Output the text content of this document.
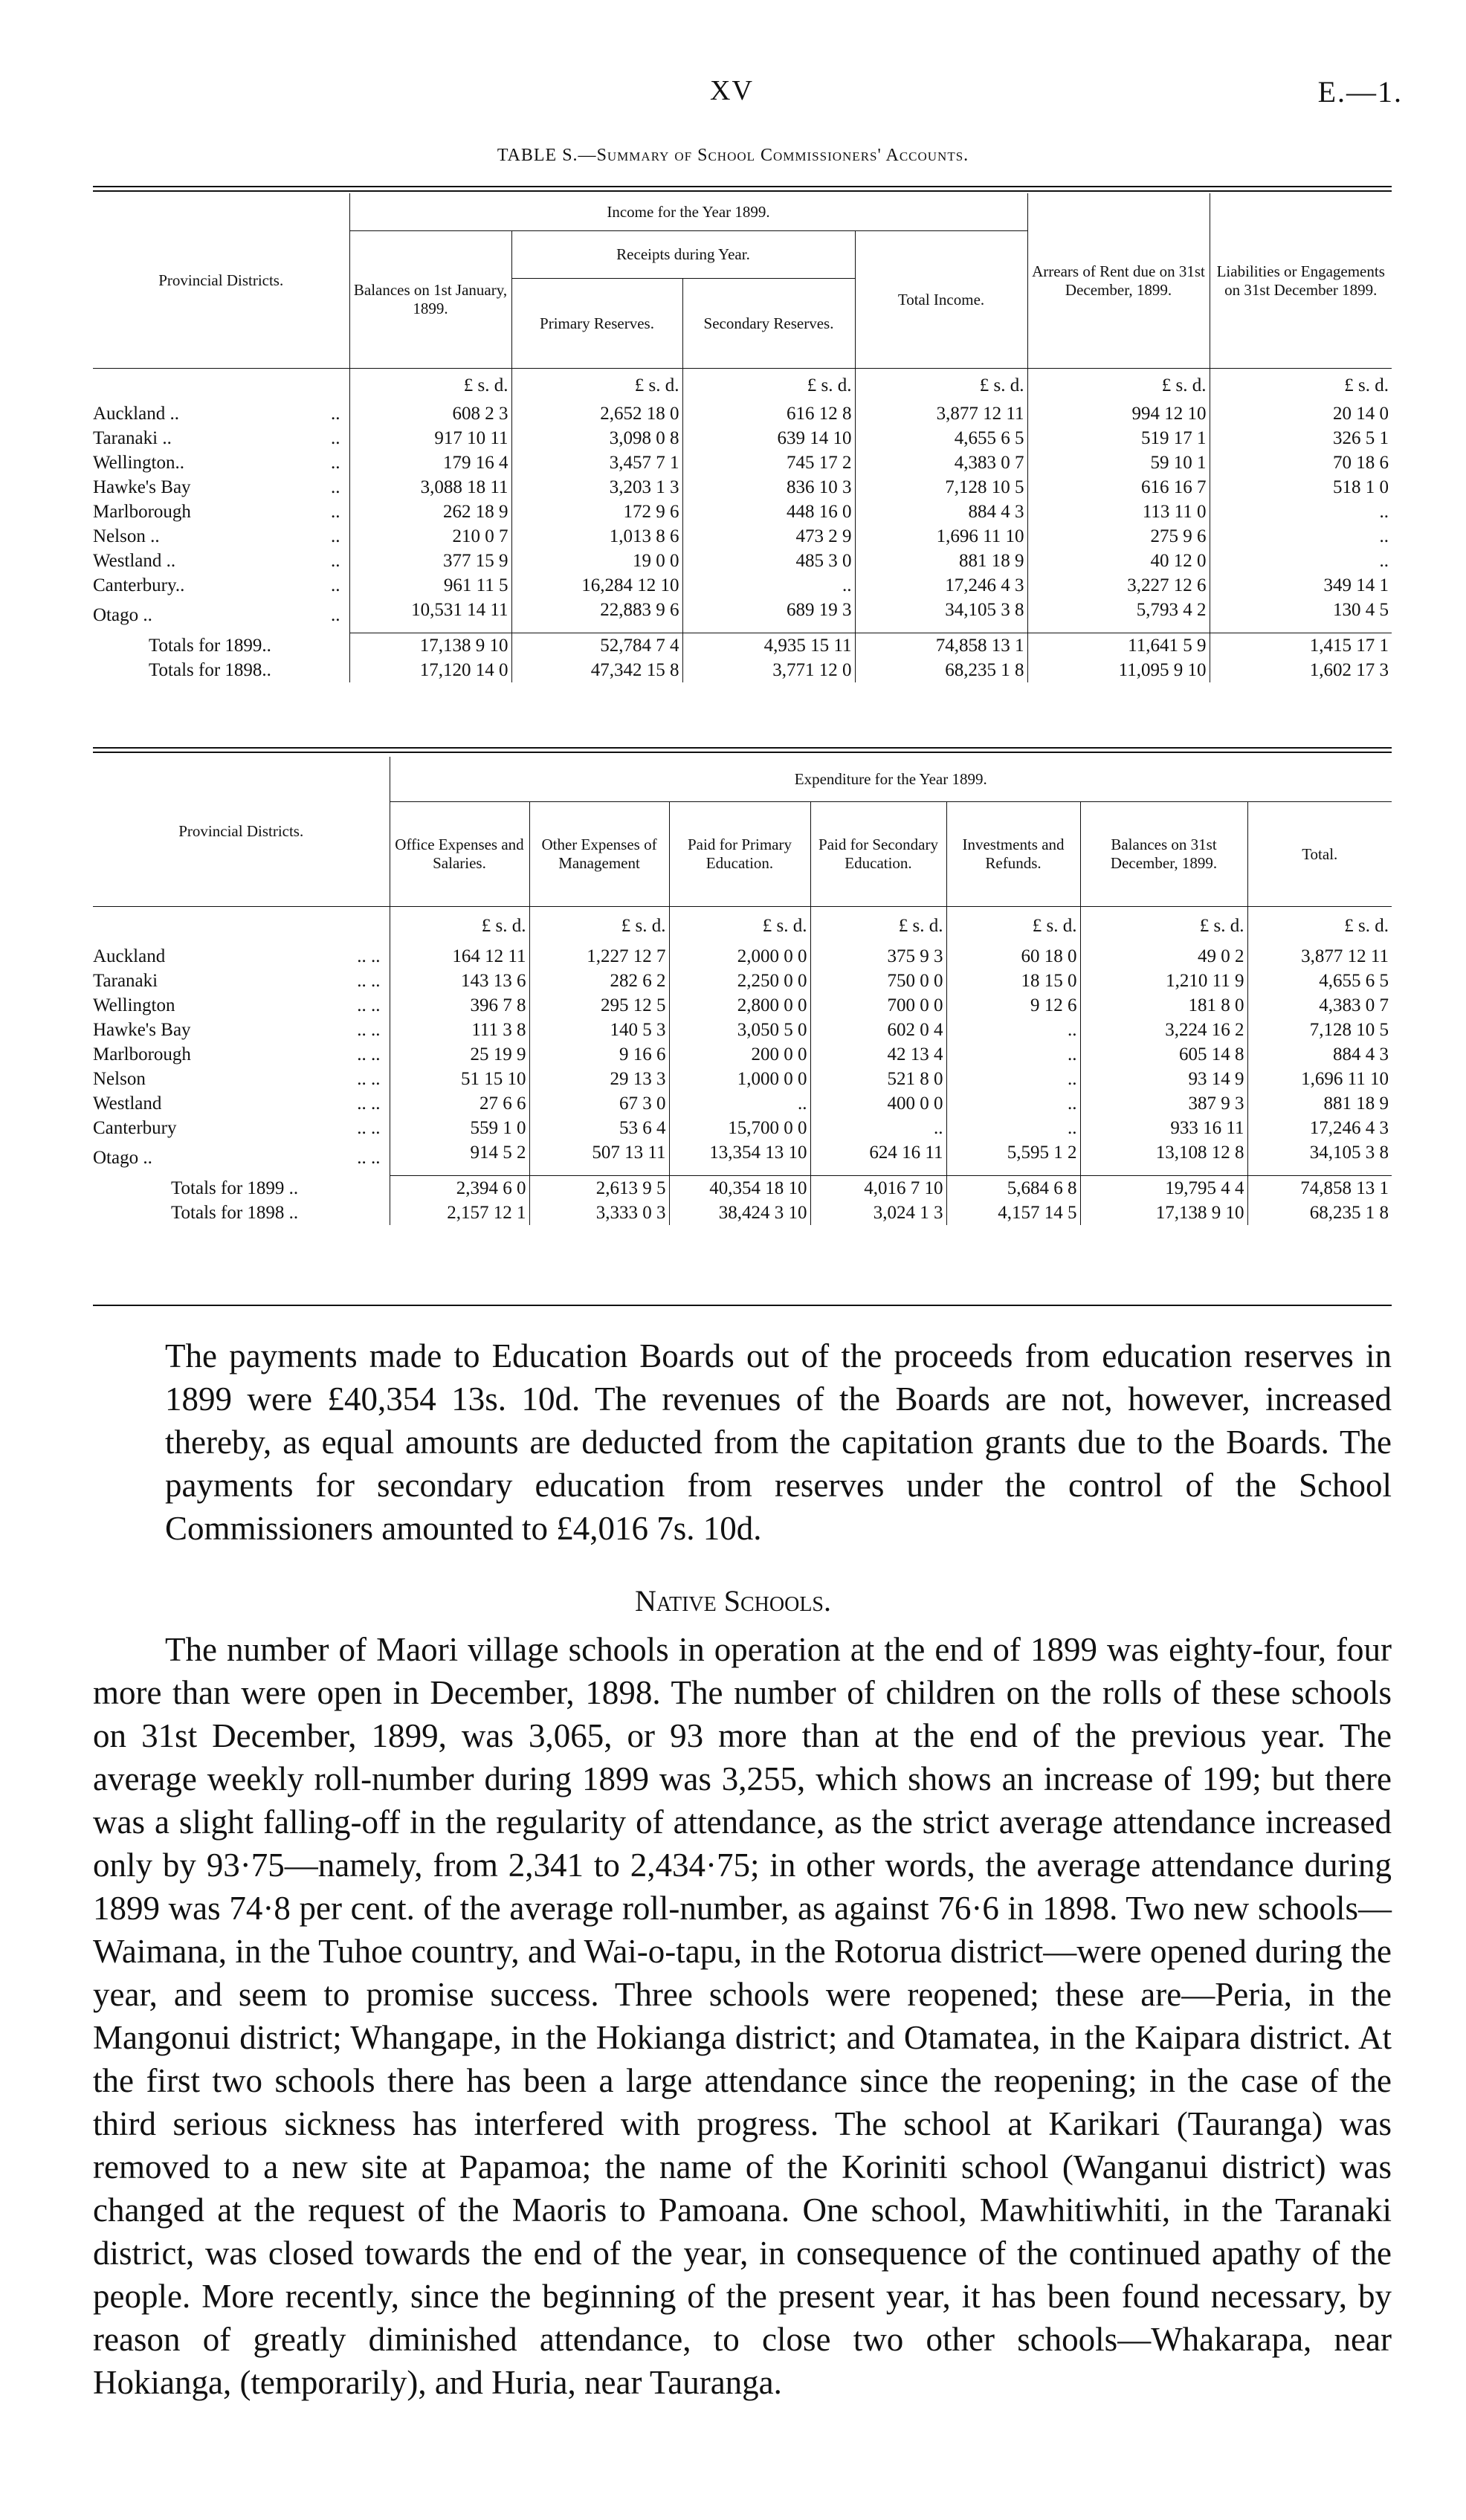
XV	E.—1.
TABLE S.—Summary of School Commissioners' Accounts.
Provincial Districts.	Income for the Year 1899.				Arrears of Rent due on 31st December, 1899.	Liabilities or Engagements on 31st December 1899.
	Balances on 1st January, 1899.	Receipts during Year.		Total Income.		
		Primary Reserves.	Secondary Reserves.			
	£ s. d.	£ s. d.	£ s. d.	£ s. d.	£ s. d.	£ s. d.
Auckland .. ..	608 2 3	2,652 18 0	616 12 8	3,877 12 11	994 12 10	20 14 0
Taranaki .. ..	917 10 11	3,098 0 8	639 14 10	4,655 6 5	519 17 1	326 5 1
Wellington.. ..	179 16 4	3,457 7 1	745 17 2	4,383 0 7	59 10 1	70 18 6
Hawke's Bay ..	3,088 18 11	3,203 1 3	836 10 3	7,128 10 5	616 16 7	518 1 0
Marlborough ..	262 18 9	172 9 6	448 16 0	884 4 3	113 11 0	..
Nelson .. ..	210 0 7	1,013 8 6	473 2 9	1,696 11 10	275 9 6	..
Westland .. ..	377 15 9	19 0 0	485 3 0	881 18 9	40 12 0	..
Canterbury.. ..	961 11 5	16,284 12 10	..	17,246 4 3	3,227 12 6	349 14 1
Otago .. ..	10,531 14 11	22,883 9 6	689 19 3	34,105 3 8	5,793 4 2	130 4 5
Totals for 1899..	17,138 9 10	52,784 7 4	4,935 15 11	74,858 13 1	11,641 5 9	1,415 17 1
Totals for 1898..	17,120 14 0	47,342 15 8	3,771 12 0	68,235 1 8	11,095 9 10	1,602 17 3
Provincial Districts.	Expenditure for the Year 1899.						
	Office Expenses and Salaries.	Other Expenses of Management	Paid for Primary Education.	Paid for Secondary Education.	Investments and Refunds.	Balances on 31st December, 1899.	Total.
	£ s. d.	£ s. d.	£ s. d.	£ s. d.	£ s. d.	£ s. d.	£ s. d.
Auckland .. ..	164 12 11	1,227 12 7	2,000 0 0	375 9 3	60 18 0	49 0 2	3,877 12 11
Taranaki .. ..	143 13 6	282 6 2	2,250 0 0	750 0 0	18 15 0	1,210 11 9	4,655 6 5
Wellington .. ..	396 7 8	295 12 5	2,800 0 0	700 0 0	9 12 6	181 8 0	4,383 0 7
Hawke's Bay .. ..	111 3 8	140 5 3	3,050 5 0	602 0 4	..	3,224 16 2	7,128 10 5
Marlborough .. ..	25 19 9	9 16 6	200 0 0	42 13 4	..	605 14 8	884 4 3
Nelson .. ..	51 15 10	29 13 3	1,000 0 0	521 8 0	..	93 14 9	1,696 11 10
Westland .. ..	27 6 6	67 3 0	..	400 0 0	..	387 9 3	881 18 9
Canterbury .. ..	559 1 0	53 6 4	15,700 0 0	..	..	933 16 11	17,246 4 3
Otago .. .. ..	914 5 2	507 13 11	13,354 13 10	624 16 11	5,595 1 2	13,108 12 8	34,105 3 8
Totals for 1899 ..	2,394 6 0	2,613 9 5	40,354 18 10	4,016 7 10	5,684 6 8	19,795 4 4	74,858 13 1
Totals for 1898 ..	2,157 12 1	3,333 0 3	38,424 3 10	3,024 1 3	4,157 14 5	17,138 9 10	68,235 1 8

The payments made to Education Boards out of the proceeds from education reserves in 1899 were £40,354 13s. 10d. The revenues of the Boards are not, however, increased thereby, as equal amounts are deducted from the capitation grants due to the Boards. The payments for secondary education from reserves under the control of the School Commissioners amounted to £4,016 7s. 10d.

Native Schools.

The number of Maori village schools in operation at the end of 1899 was eighty-four, four more than were open in December, 1898. The number of children on the rolls of these schools on 31st December, 1899, was 3,065, or 93 more than at the end of the previous year. The average weekly roll-number during 1899 was 3,255, which shows an increase of 199; but there was a slight falling-off in the regularity of attendance, as the strict average attendance increased only by 93·75—namely, from 2,341 to 2,434·75; in other words, the average attendance during 1899 was 74·8 per cent. of the average roll-number, as against 76·6 in 1898. Two new schools—Waimana, in the Tuhoe country, and Wai-o-tapu, in the Rotorua district—were opened during the year, and seem to promise success. Three schools were reopened; these are—Peria, in the Mangonui district; Whangape, in the Hokianga district; and Otamatea, in the Kaipara district. At the first two schools there has been a large attendance since the reopening; in the case of the third serious sickness has interfered with progress. The school at Karikari (Tauranga) was removed to a new site at Papamoa; the name of the Koriniti school (Wanganui district) was changed at the request of the Maoris to Pamoana. One school, Mawhitiwhiti, in the Taranaki district, was closed towards the end of the year, in consequence of the continued apathy of the people. More recently, since the beginning of the present year, it has been found necessary, by reason of greatly diminished attendance, to close two other schools—Whakarapa, near Hokianga, (temporarily), and Huria, near Tauranga.
